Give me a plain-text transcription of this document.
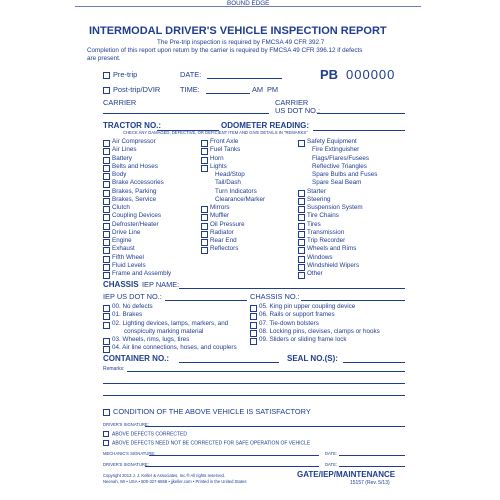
BOUND EDGE
INTERMODAL DRIVER'S VEHICLE INSPECTION REPORT
The Pre-trip inspection is required by FMCSA 49 CFR 392.7
Completion of this report upon return by the carrier is required by FMCSA 49 CFR 396.12 if defects
are present.
Pre-trip	DATE:	PB 000000
Post-trip/DVIR	TIME:	AM PM
CARRIER	CARRIER
US DOT NO.:
TRACTOR NO.:	ODOMETER READING:
CHECK ANY DAMAGED, DEFECTIVE, OR DEFICIENT ITEM AND GIVE DETAILS IN "REMARKS"
CHASSIS IEP NAME:
IEP US DOT NO.:	CHASSIS NO.:
CONTAINER NO.:	SEAL NO.(S):
Remarks:
CONDITION OF THE ABOVE VEHICLE IS SATISFACTORY
DRIVER'S SIGNATURE:
ABOVE DEFECTS CORRECTED
ABOVE DEFECTS NEED NOT BE CORRECTED FOR SAFE OPERATION OF VEHICLE
MECHANIC'S SIGNATURE:	DATE:
DRIVER'S SIGNATURE:	DATE:
Copyright 2013 J. J. Keller & Associates, Inc.® All rights reserved.
Neenah, WI • USA • 800-327-6868 • jjkeller.com • Printed in the United States
GATE/IEP/MAINTENANCE
15157 (Rev. 5/13)
Air Compressor
Air Lines
Battery
Belts and Hoses
Body
Brake Accessories
Brakes, Parking
Brakes, Service
Clutch
Coupling Devices
Defroster/Heater
Drive Line
Engine
Exhaust
Fifth Wheel
Fluid Levels
Frame and Assembly
Front Axle
Fuel Tanks
Horn
Lights
Head/Stop
Tail/Dash
Turn Indicators
Clearance/Marker
Mirrors
Muffler
Oil Pressure
Radiator
Rear End
Reflectors
Safety Equipment
Fire Extinguisher
Flags/Flares/Fusees
Reflective Triangles
Spare Bulbs and Fuses
Spare Seal Beam
Starter
Steering
Suspension System
Tire Chains
Tires
Transmission
Trip Recorder
Wheels and Rims
Windows
Windshield Wipers
Other
00. No defects
01. Brakes
02. Lighting devices, lamps, markers, and
conspicuity marking material
03. Wheels, rims, lugs, tires
04. Air line connections, hoses, and couplers
05. King pin upper coupling device
06. Rails or support frames
07. Tie-down bolsters
08. Locking pins, clevises, clamps or hooks
09. Sliders or sliding frame lock
